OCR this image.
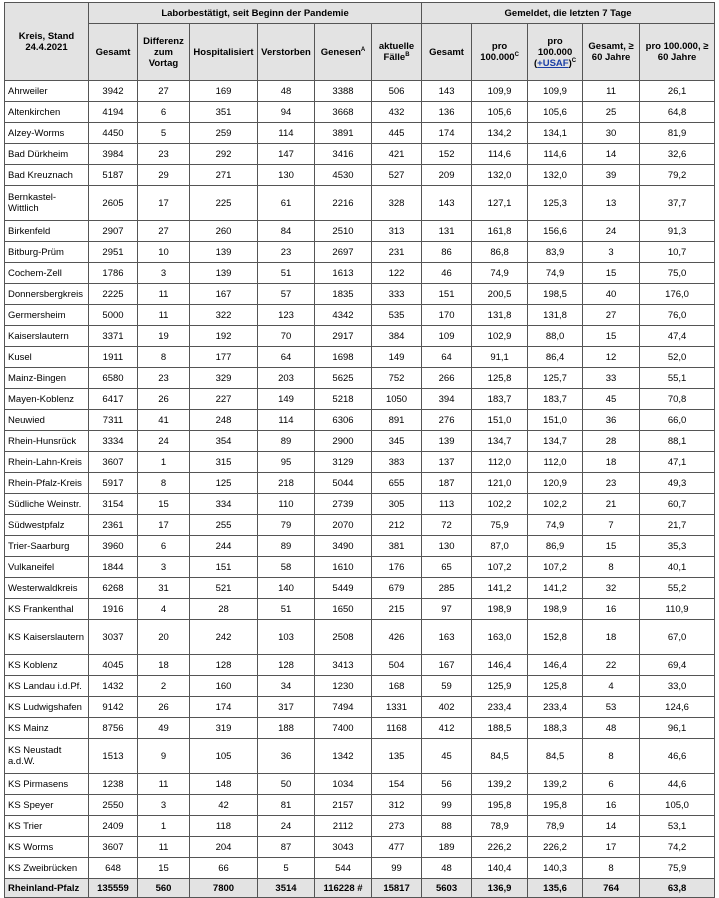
Kreis, Stand 24.4.2021	Laborbestätigt, seit Beginn der Pandemie						Gemeldet, die letzten 7 Tage				
	Gesamt	Differenz zum Vortag	Hospitalisiert	Verstorben	Genesen$^A$	aktuelle Fälle$^B$	Gesamt	pro $100.000^C$	pro 100.000 (+USAF)$^C$	Gesamt, ≥ 60 Jahre	pro 100.000, ≥ 60 Jahre
Ahrweiler	3942	27	169	48	3388	506	143	109,9	109,9	11	26,1
Altenkirchen	4194	6	351	94	3668	432	136	105,6	105,6	25	64,8
Alzey-Worms	4450	5	259	114	3891	445	174	134,2	134,1	30	81,9
Bad Dürkheim	3984	23	292	147	3416	421	152	114,6	114,6	14	32,6
Bad Kreuznach	5187	29	271	130	4530	527	209	132,0	132,0	39	79,2
Bernkastel-Wittlich	2605	17	225	61	2216	328	143	127,1	125,3	13	37,7
Birkenfeld	2907	27	260	84	2510	313	131	161,8	156,6	24	91,3
Bitburg-Prüm	2951	10	139	23	2697	231	86	86,8	83,9	3	10,7
Cochem-Zell	1786	3	139	51	1613	122	46	74,9	74,9	15	75,0
Donnersbergkreis	2225	11	167	57	1835	333	151	200,5	198,5	40	176,0
Germersheim	5000	11	322	123	4342	535	170	131,8	131,8	27	76,0
Kaiserslautern	3371	19	192	70	2917	384	109	102,9	88,0	15	47,4
Kusel	1911	8	177	64	1698	149	64	91,1	86,4	12	52,0
Mainz-Bingen	6580	23	329	203	5625	752	266	125,8	125,7	33	55,1
Mayen-Koblenz	6417	26	227	149	5218	1050	394	183,7	183,7	45	70,8
Neuwied	7311	41	248	114	6306	891	276	151,0	151,0	36	66,0
Rhein-Hunsrück	3334	24	354	89	2900	345	139	134,7	134,7	28	88,1
Rhein-Lahn-Kreis	3607	1	315	95	3129	383	137	112,0	112,0	18	47,1
Rhein-Pfalz-Kreis	5917	8	125	218	5044	655	187	121,0	120,9	23	49,3
Südliche Weinstr.	3154	15	334	110	2739	305	113	102,2	102,2	21	60,7
Südwestpfalz	2361	17	255	79	2070	212	72	75,9	74,9	7	21,7
Trier-Saarburg	3960	6	244	89	3490	381	130	87,0	86,9	15	35,3
Vulkaneifel	1844	3	151	58	1610	176	65	107,2	107,2	8	40,1
Westerwaldkreis	6268	31	521	140	5449	679	285	141,2	141,2	32	55,2
KS Frankenthal	1916	4	28	51	1650	215	97	198,9	198,9	16	110,9
KS Kaiserslautern	3037	20	242	103	2508	426	163	163,0	152,8	18	67,0
KS Koblenz	4045	18	128	128	3413	504	167	146,4	146,4	22	69,4
KS Landau i.d.Pf.	1432	2	160	34	1230	168	59	125,9	125,8	4	33,0
KS Ludwigshafen	9142	26	174	317	7494	1331	402	233,4	233,4	53	124,6
KS Mainz	8756	49	319	188	7400	1168	412	188,5	188,3	48	96,1
KS Neustadt a.d.W.	1513	9	105	36	1342	135	45	84,5	84,5	8	46,6
KS Pirmasens	1238	11	148	50	1034	154	56	139,2	139,2	6	44,6
KS Speyer	2550	3	42	81	2157	312	99	195,8	195,8	16	105,0
KS Trier	2409	1	118	24	2112	273	88	78,9	78,9	14	53,1
KS Worms	3607	11	204	87	3043	477	189	226,2	226,2	17	74,2
KS Zweibrücken	648	15	66	5	544	99	48	140,4	140,3	8	75,9
Rheinland-Pfalz	135559	560	7800	3514	116228 #	15817	5603	136,9	135,6	764	63,8
